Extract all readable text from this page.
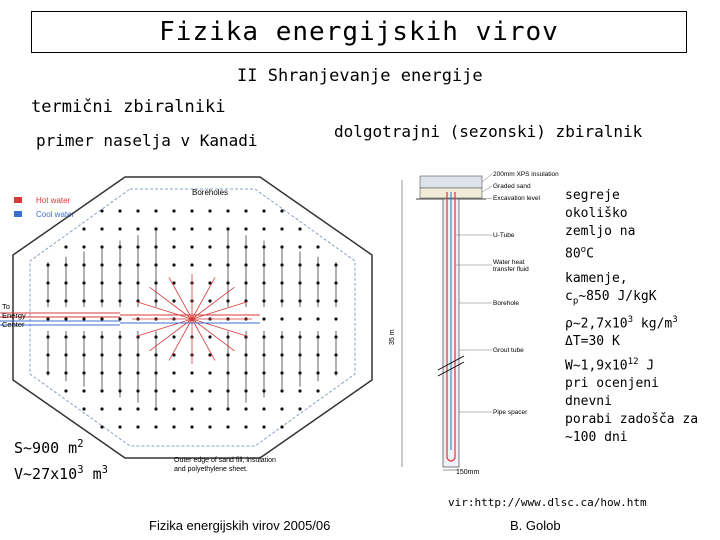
Fizika energijskih virov
II Shranjevanje energije
termični zbiralniki
primer naselja v Kanadi	dolgotrajni (sezonski) zbiralnik
Hot water
Cool water
Boreholes
To
Energy
Center
Outer edge of sand fill, insulation
and polyethylene sheet.
35 m
150mm
200mm XPS insulation
Graded sand
Excavation level
U-Tube
Water heat
transfer fluid
Borehole
Grout tube
Pipe spacer
segreje
okoliško
zemljo na
80$^o$C
kamenje,
$c_p\sim 850$ J/kgK
$\rho\sim 2,7x10^3$ $kg/m^3$
ΔT=30 K
$W\sim 1,9x10^{12}$ J
pri ocenjeni
dnevni
porabi zadošča za
~100 dni
S~900 $m^2$
$V\sim 27x10^3$ $m^3$
vir:http://www.dlsc.ca/how.htm
Fizika energijskih virov 2005/06	B. Golob
